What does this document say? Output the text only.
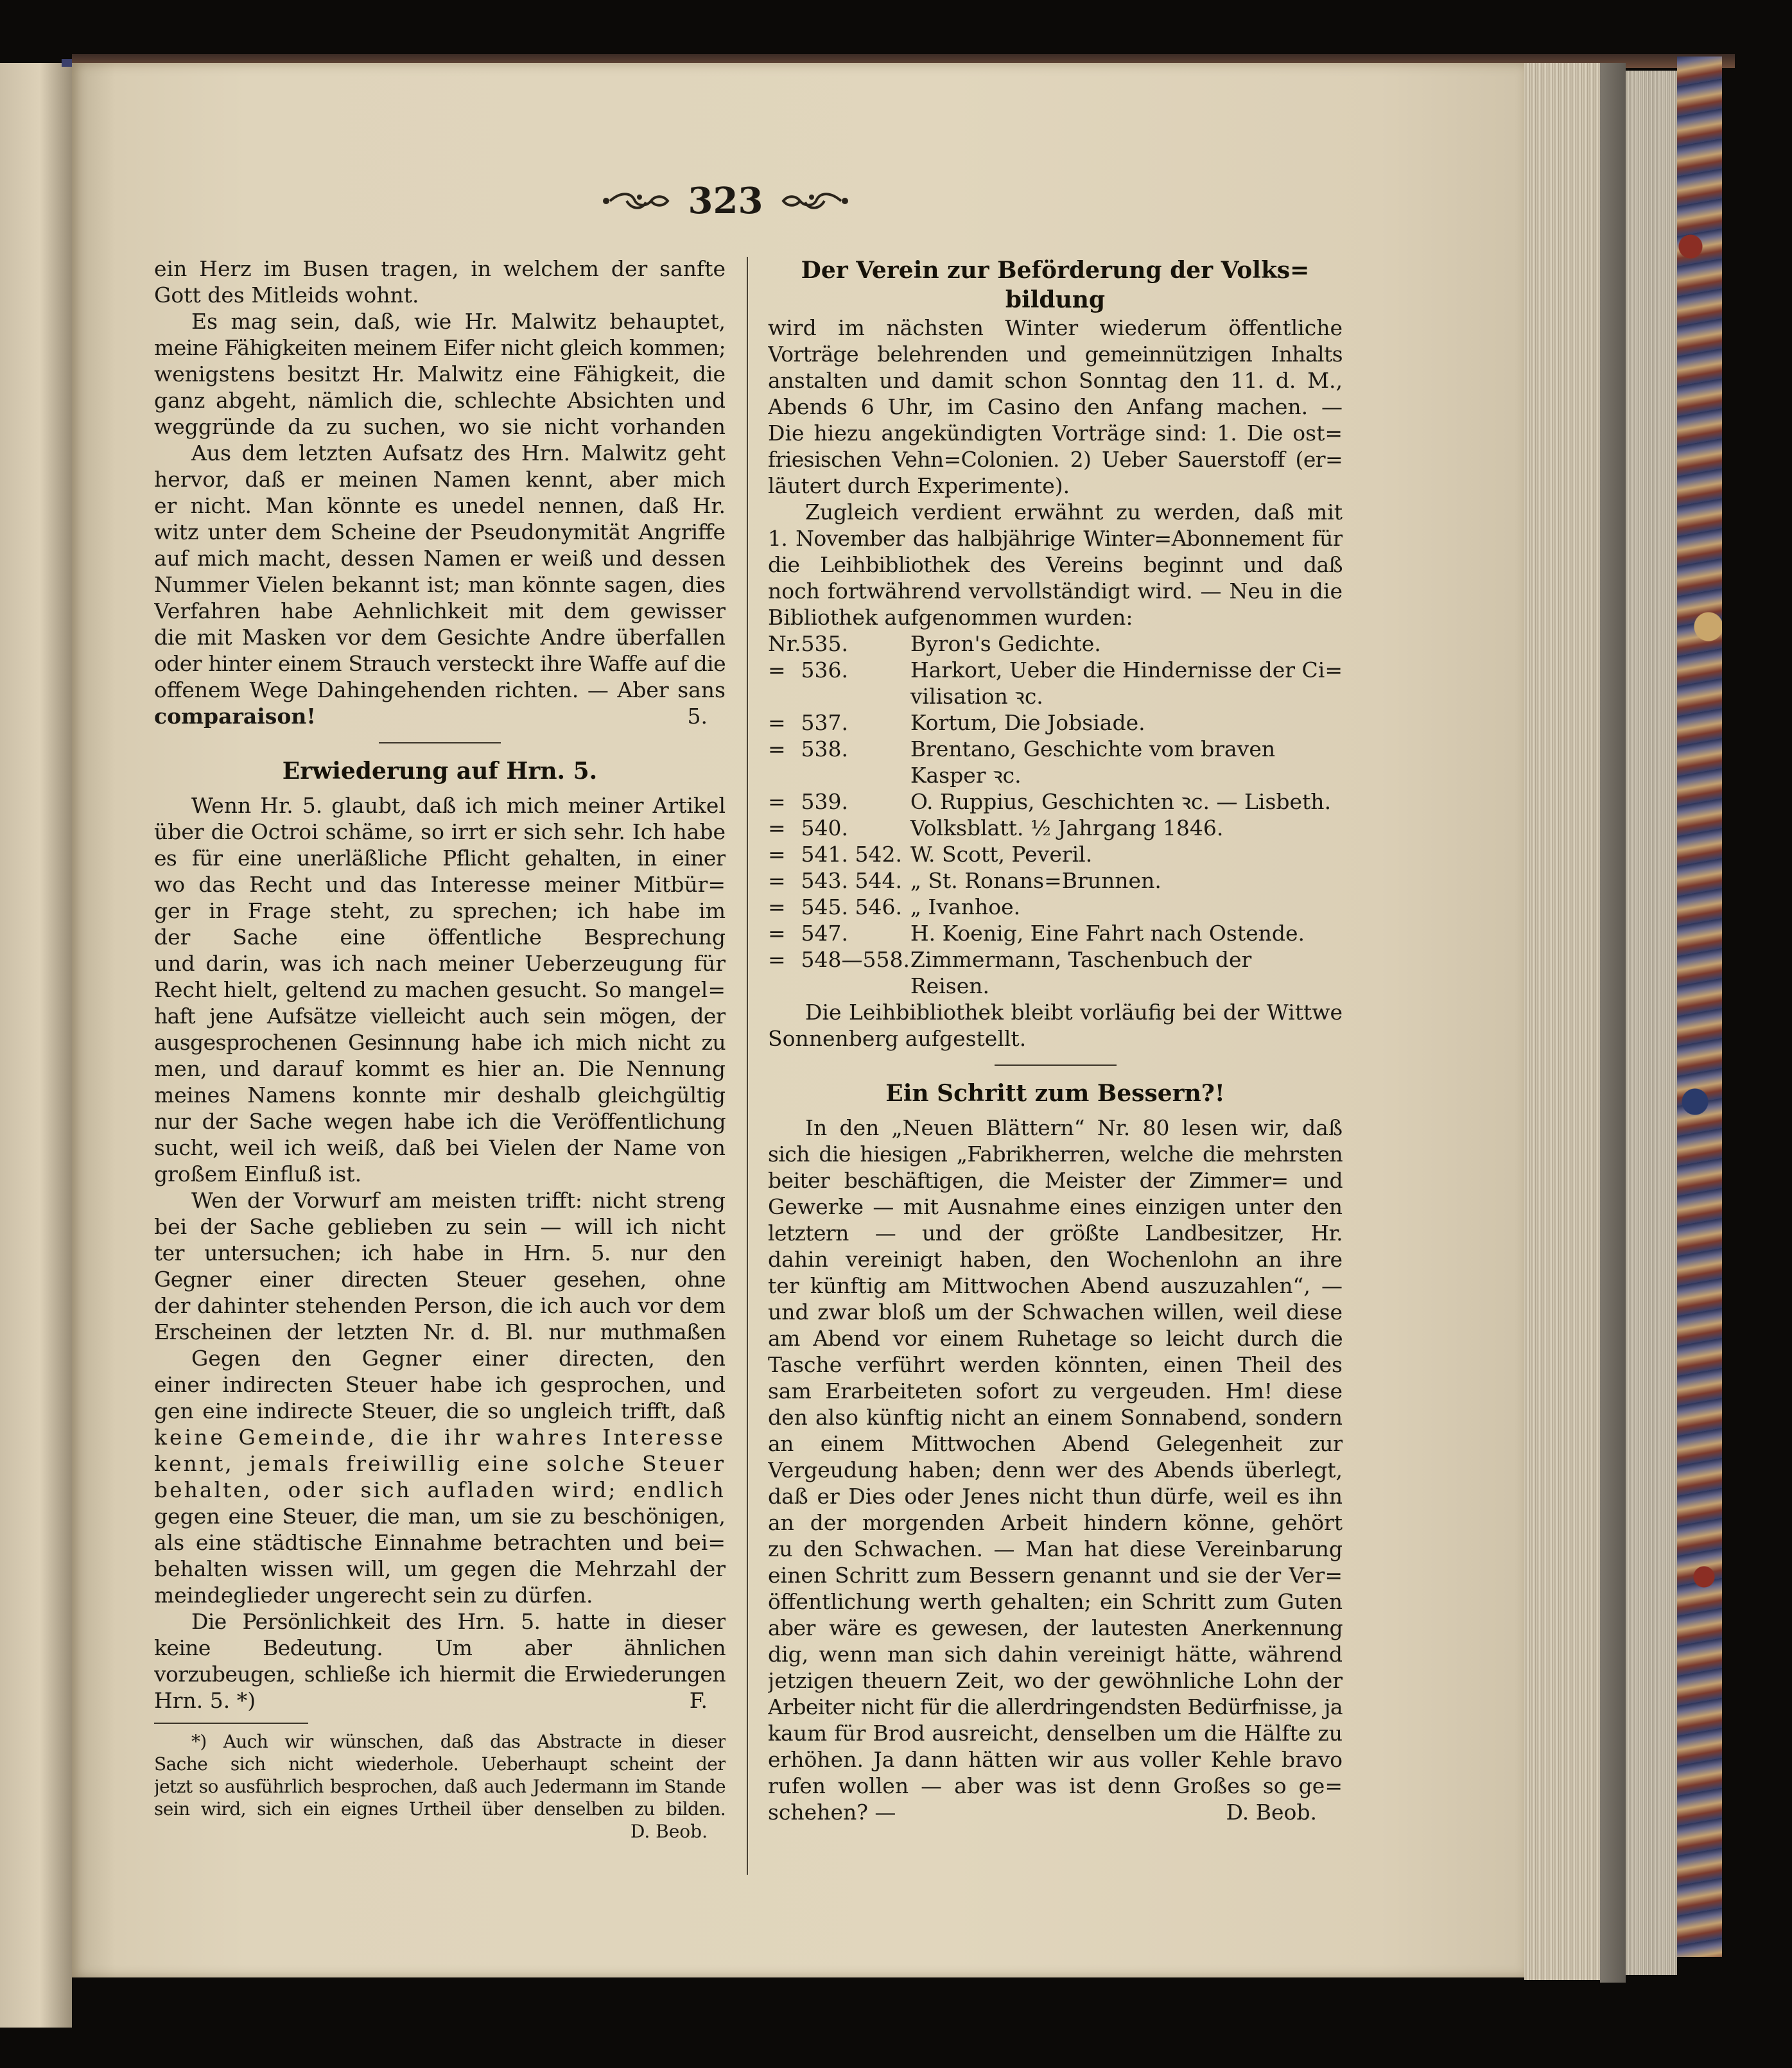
323
ein Herz im Busen tragen, in welchem der sanfte
Gott des Mitleids wohnt.
Es mag sein, daß, wie Hr. Malwitz behauptet,
meine Fähigkeiten meinem Eifer nicht gleich kommen;
wenigstens besitzt Hr. Malwitz eine Fähigkeit, die
ganz abgeht, nämlich die, schlechte Absichten und
weggründe da zu suchen, wo sie nicht vorhanden
Aus dem letzten Aufsatz des Hrn. Malwitz geht
hervor, daß er meinen Namen kennt, aber mich
er nicht. Man könnte es unedel nennen, daß Hr.
witz unter dem Scheine der Pseudonymität Angriffe
auf mich macht, dessen Namen er weiß und dessen
Nummer Vielen bekannt ist; man könnte sagen, dies
Verfahren habe Aehnlichkeit mit dem gewisser
die mit Masken vor dem Gesichte Andre überfallen
oder hinter einem Strauch versteckt ihre Waffe auf die
offenem Wege Dahingehenden richten. — Aber sans
comparaison!	5.
Erwiederung auf Hrn. 5.
Wenn Hr. 5. glaubt, daß ich mich meiner Artikel
über die Octroi schäme, so irrt er sich sehr. Ich habe
es für eine unerläßliche Pflicht gehalten, in einer
wo das Recht und das Interesse meiner Mitbür=
ger in Frage steht, zu sprechen; ich habe im
der Sache eine öffentliche Besprechung
und darin, was ich nach meiner Ueberzeugung für
Recht hielt, geltend zu machen gesucht. So mangel=
haft jene Aufsätze vielleicht auch sein mögen, der
ausgesprochenen Gesinnung habe ich mich nicht zu
men, und darauf kommt es hier an. Die Nennung
meines Namens konnte mir deshalb gleichgültig
nur der Sache wegen habe ich die Veröffentlichung
sucht, weil ich weiß, daß bei Vielen der Name von
großem Einfluß ist.
Wen der Vorwurf am meisten trifft: nicht streng
bei der Sache geblieben zu sein — will ich nicht
ter untersuchen; ich habe in Hrn. 5. nur den
Gegner einer directen Steuer gesehen, ohne
der dahinter stehenden Person, die ich auch vor dem
Erscheinen der letzten Nr. d. Bl. nur muthmaßen
Gegen den Gegner einer directen, den
einer indirecten Steuer habe ich gesprochen, und
gen eine indirecte Steuer, die so ungleich trifft, daß
keine Gemeinde, die ihr wahres Interesse
kennt, jemals freiwillig eine solche Steuer
behalten, oder sich aufladen wird; endlich
gegen eine Steuer, die man, um sie zu beschönigen,
als eine städtische Einnahme betrachten und bei=
behalten wissen will, um gegen die Mehrzahl der
meindeglieder ungerecht sein zu dürfen.
Die Persönlichkeit des Hrn. 5. hatte in dieser
keine Bedeutung. Um aber ähnlichen
vorzubeugen, schließe ich hiermit die Erwiederungen
Hrn. 5. *)	F.
*) Auch wir wünschen, daß das Abstracte in dieser
Sache sich nicht wiederhole. Ueberhaupt scheint der
jetzt so ausführlich besprochen, daß auch Jedermann im Stande
sein wird, sich ein eignes Urtheil über denselben zu bilden.
D. Beob.
Der Verein zur Beförderung der Volks=
bildung
wird im nächsten Winter wiederum öffentliche
Vorträge belehrenden und gemeinnützigen Inhalts
anstalten und damit schon Sonntag den 11. d. M.,
Abends 6 Uhr, im Casino den Anfang machen. —
Die hiezu angekündigten Vorträge sind: 1. Die ost=
friesischen Vehn=Colonien. 2) Ueber Sauerstoff (er=
läutert durch Experimente).
Zugleich verdient erwähnt zu werden, daß mit
1. November das halbjährige Winter=Abonnement für
die Leihbibliothek des Vereins beginnt und daß
noch fortwährend vervollständigt wird. — Neu in die
Bibliothek aufgenommen wurden:
Nr.	535.	Byron's Gedichte.
=	536.	Harkort, Ueber die Hindernisse der Ci=
vilisation ꝛc.

=	537.	Kortum, Die Jobsiade.
=	538.	Brentano, Geschichte vom braven Kasper ꝛc.
=	539.	O. Ruppius, Geschichten ꝛc. — Lisbeth.
=	540.	Volksblatt. ½ Jahrgang 1846.
=	541. 542.	W. Scott, Peveril.
=	543. 544.	„ St. Ronans=Brunnen.
=	545. 546.	„ Ivanhoe.
=	547.	H. Koenig, Eine Fahrt nach Ostende.
=	548—558.	Zimmermann, Taschenbuch der
Reisen.
Die Leihbibliothek bleibt vorläufig bei der Wittwe
Sonnenberg aufgestellt.
Ein Schritt zum Bessern?!
In den „Neuen Blättern“ Nr. 80 lesen wir, daß
sich die hiesigen „Fabrikherren, welche die mehrsten
beiter beschäftigen, die Meister der Zimmer= und
Gewerke — mit Ausnahme eines einzigen unter den
letztern — und der größte Landbesitzer, Hr.
dahin vereinigt haben, den Wochenlohn an ihre
ter künftig am Mittwochen Abend auszuzahlen“, —
und zwar bloß um der Schwachen willen, weil diese
am Abend vor einem Ruhetage so leicht durch die
Tasche verführt werden könnten, einen Theil des
sam Erarbeiteten sofort zu vergeuden. Hm! diese
den also künftig nicht an einem Sonnabend, sondern
an einem Mittwochen Abend Gelegenheit zur
Vergeudung haben; denn wer des Abends überlegt,
daß er Dies oder Jenes nicht thun dürfe, weil es ihn
an der morgenden Arbeit hindern könne, gehört
zu den Schwachen. — Man hat diese Vereinbarung
einen Schritt zum Bessern genannt und sie der Ver=
öffentlichung werth gehalten; ein Schritt zum Guten
aber wäre es gewesen, der lautesten Anerkennung
dig, wenn man sich dahin vereinigt hätte, während
jetzigen theuern Zeit, wo der gewöhnliche Lohn der
Arbeiter nicht für die allerdringendsten Bedürfnisse, ja
kaum für Brod ausreicht, denselben um die Hälfte zu
erhöhen. Ja dann hätten wir aus voller Kehle bravo
rufen wollen — aber was ist denn Großes so ge=
schehen? —	D. Beob.
